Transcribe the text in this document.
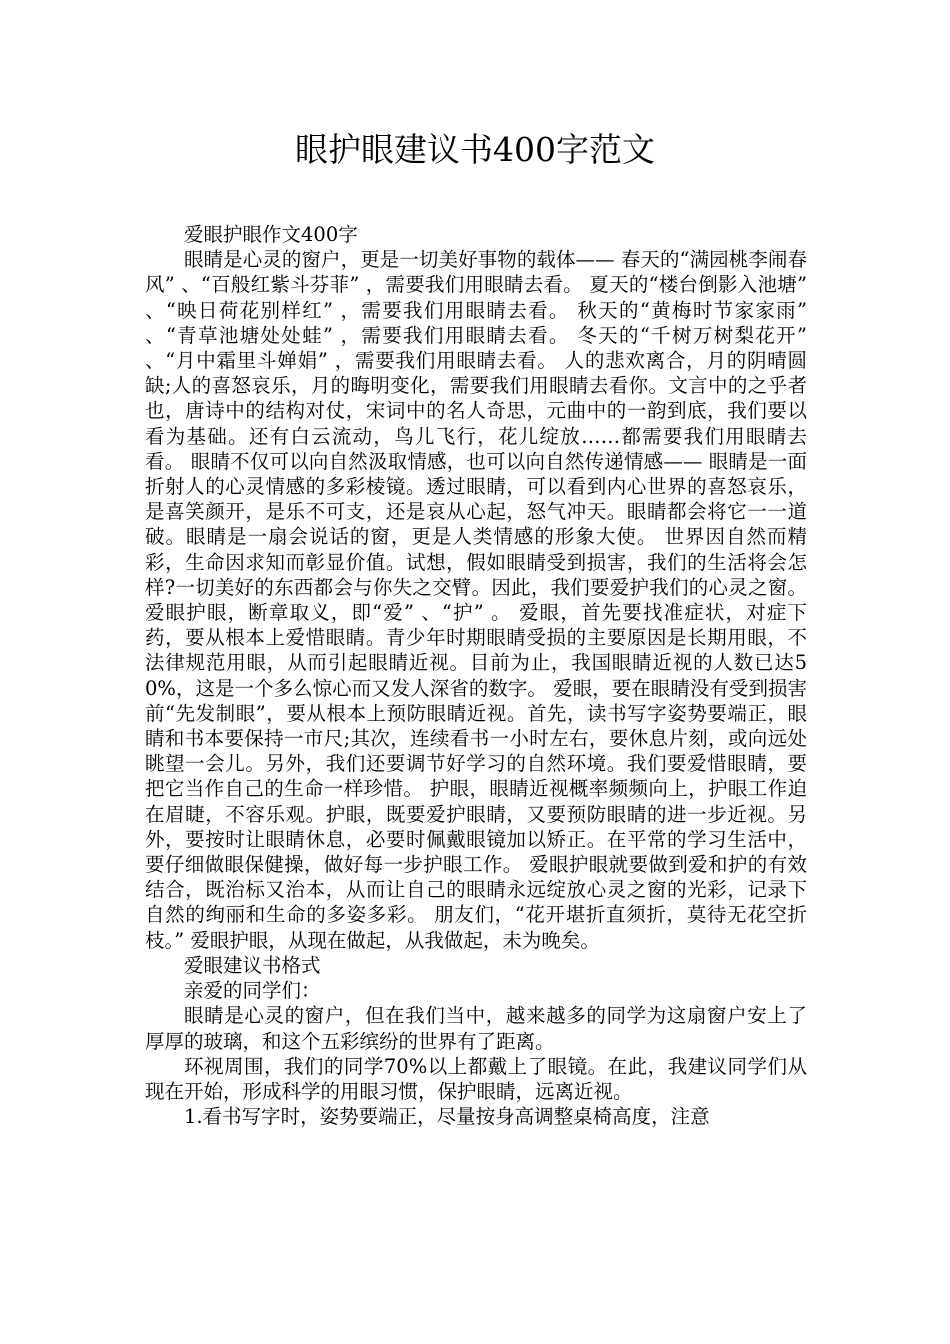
眼护眼建议书400字范文

爱眼护眼作文400字

眼睛是心灵的窗户，更是一切美好事物的载体—— 春天的“满园桃李闹春风” 、“百般红紫斗芬菲” ，需要我们用眼睛去看。 夏天的“楼台倒影入池塘” 、“映日荷花别样红” ，需要我们用眼睛去看。 秋天的“黄梅时节家家雨” 、“青草池塘处处蛙” ，需要我们用眼睛去看。 冬天的“千树万树梨花开” 、“月中霜里斗婵娟” ，需要我们用眼睛去看。 人的悲欢离合，月的阴晴圆缺;人的喜怒哀乐，月的晦明变化，需要我们用眼睛去看你。文言中的之乎者也，唐诗中的结构对仗，宋词中的名人奇思，元曲中的一韵到底，我们要以看为基础。还有白云流动，鸟儿飞行，花儿绽放……都需要我们用眼睛去看。 眼睛不仅可以向自然汲取情感，也可以向自然传递情感—— 眼睛是一面折射人的心灵情感的多彩棱镜。透过眼睛，可以看到内心世界的喜怒哀乐，是喜笑颜开，是乐不可支，还是哀从心起，怒气冲天。眼睛都会将它一一道破。眼睛是一扇会说话的窗，更是人类情感的形象大使。 世界因自然而精彩，生命因求知而彰显价值。试想，假如眼睛受到损害，我们的生活将会怎样?一切美好的东西都会与你失之交臂。因此，我们要爱护我们的心灵之窗。 爱眼护眼，断章取义，即“爱” 、“护” 。 爱眼，首先要找准症状，对症下药，要从根本上爱惜眼睛。青少年时期眼睛受损的主要原因是长期用眼，不法律规范用眼，从而引起眼睛近视。目前为止，我国眼睛近视的人数已达50%，这是一个多么惊心而又发人深省的数字。 爱眼，要在眼睛没有受到损害前“先发制眼”，要从根本上预防眼睛近视。首先，读书写字姿势要端正，眼睛和书本要保持一市尺;其次，连续看书一小时左右，要休息片刻，或向远处眺望一会儿。另外，我们还要调节好学习的自然环境。我们要爱惜眼睛，要把它当作自己的生命一样珍惜。 护眼，眼睛近视概率频频向上，护眼工作迫在眉睫，不容乐观。护眼，既要爱护眼睛，又要预防眼睛的进一步近视。另外，要按时让眼睛休息，必要时佩戴眼镜加以矫正。在平常的学习生活中，要仔细做眼保健操，做好每一步护眼工作。 爱眼护眼就要做到爱和护的有效结合，既治标又治本，从而让自己的眼睛永远绽放心灵之窗的光彩，记录下自然的绚丽和生命的多姿多彩。 朋友们，“花开堪折直须折，莫待无花空折枝。” 爱眼护眼，从现在做起，从我做起，未为晚矣。

爱眼建议书格式

亲爱的同学们：

眼睛是心灵的窗户，但在我们当中，越来越多的同学为这扇窗户安上了厚厚的玻璃，和这个五彩缤纷的世界有了距离。

环视周围，我们的同学70%以上都戴上了眼镜。在此，我建议同学们从现在开始，形成科学的用眼习惯，保护眼睛，远离近视。

1.看书写字时，姿势要端正，尽量按身高调整桌椅高度，注意
